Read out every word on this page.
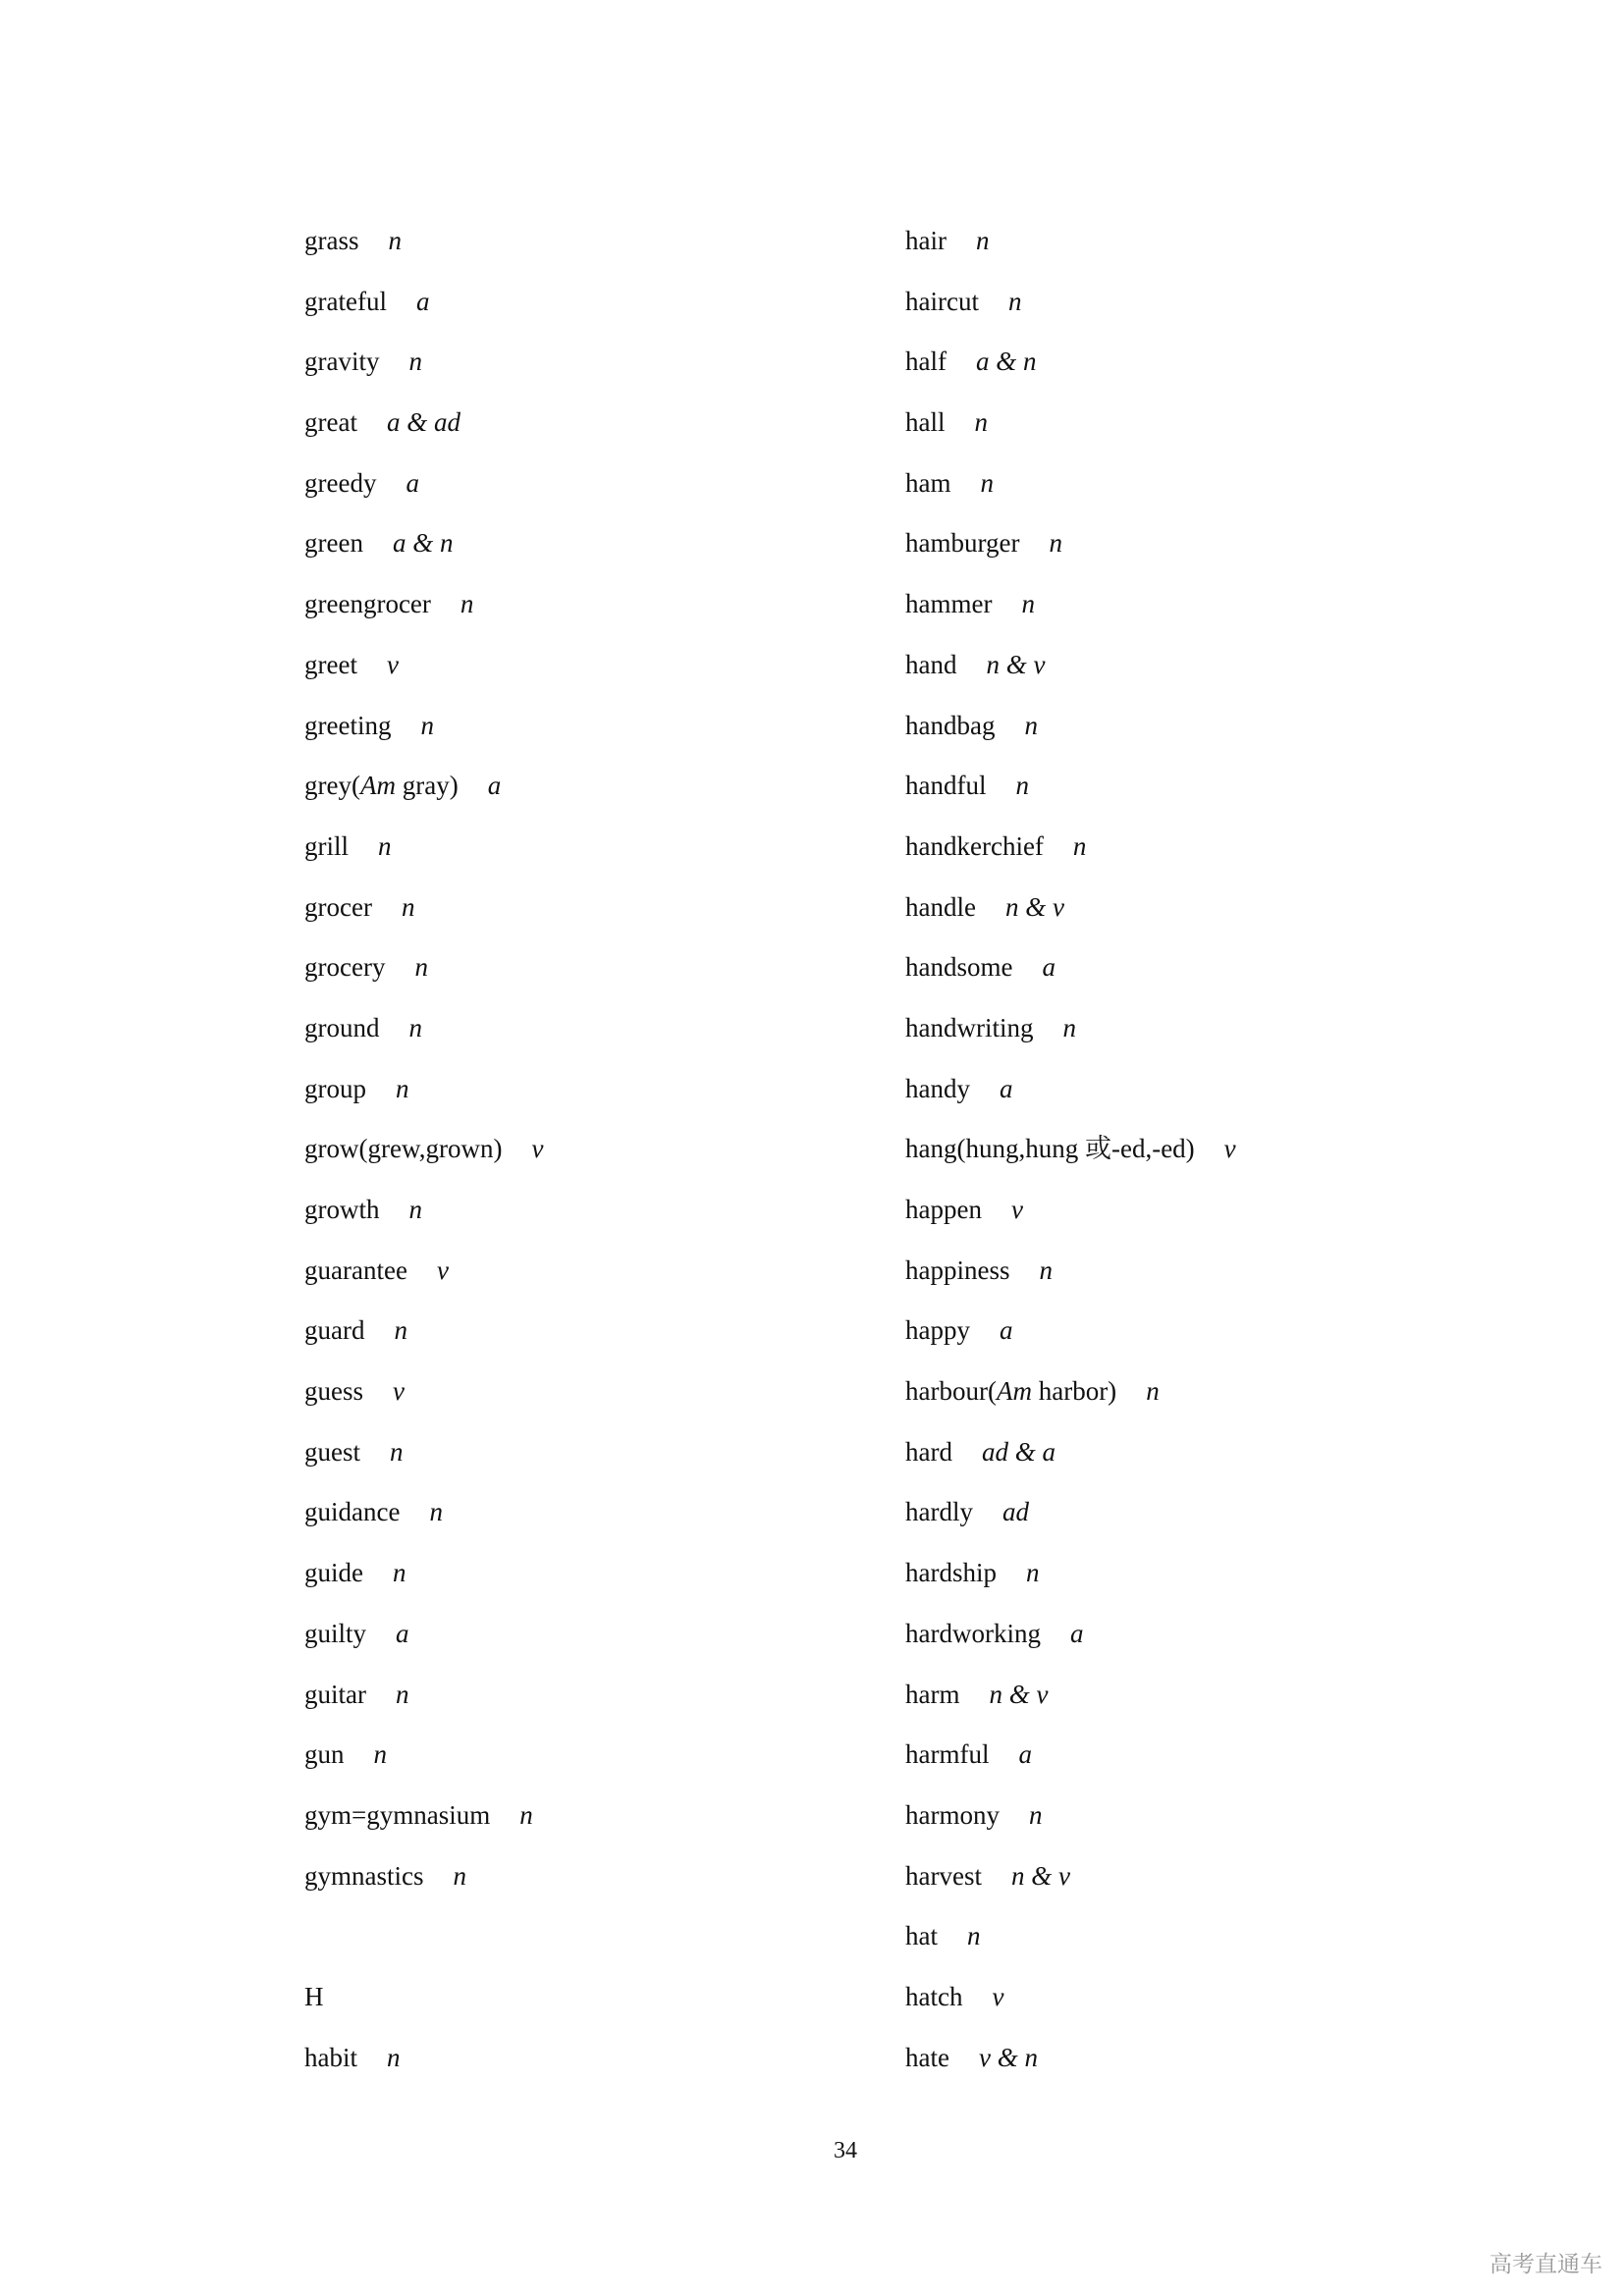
grass n
grateful a
gravity n
great a & ad
greedy a
green a & n
greengrocer n
greet v
greeting n
grey(Am gray) a
grill n
grocer n
grocery n
ground n
group n
grow(grew,grown) v
growth n
guarantee v
guard n
guess v
guest n
guidance n
guide n
guilty a
guitar n
gun n
gym=gymnasium n
gymnastics n
H
habit n
hair n
haircut n
half a & n
hall n
ham n
hamburger n
hammer n
hand n & v
handbag n
handful n
handkerchief n
handle n & v
handsome a
handwriting n
handy a
hang(hung,hung 或-ed,-ed) v
happen v
happiness n
happy a
harbour(Am harbor) n
hard ad & a
hardly ad
hardship n
hardworking a
harm n & v
harmful a
harmony n
harvest n & v
hat n
hatch v
hate v & n
34
高考直通车
